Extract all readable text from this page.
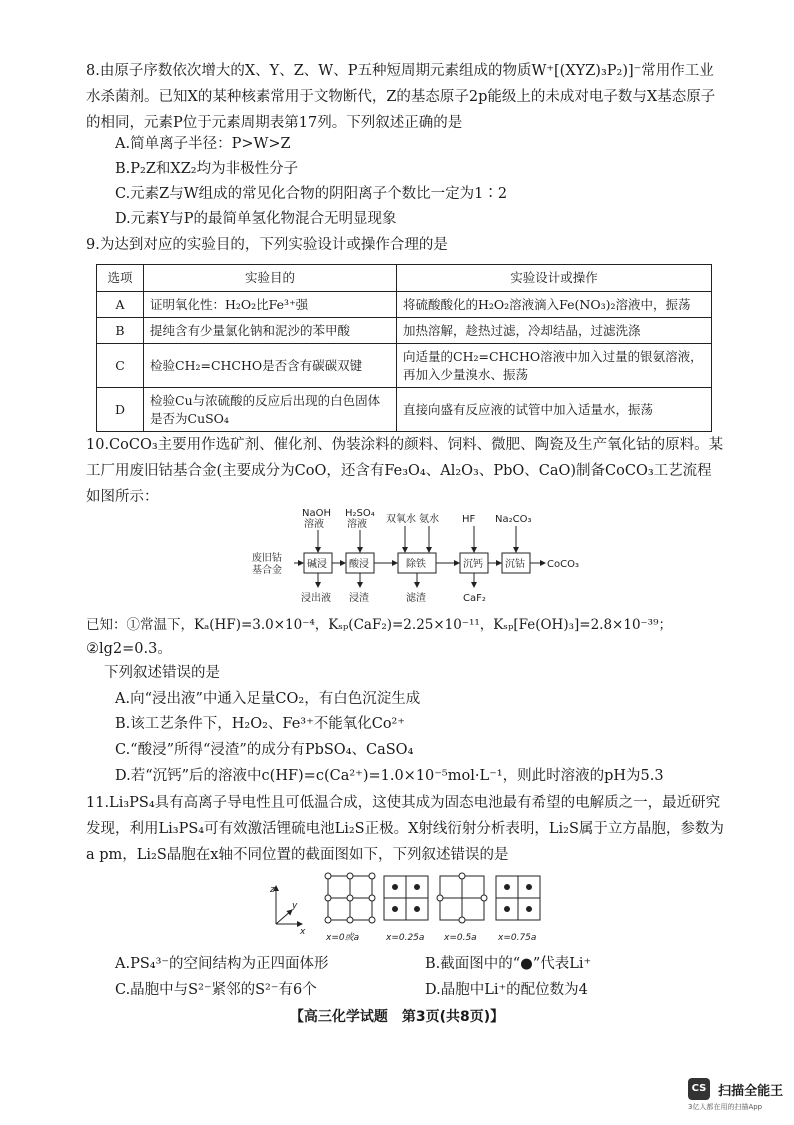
8.由原子序数依次增大的X、Y、Z、W、P五种短周期元素组成的物质W⁺[(XYZ)₃P₂)]⁻常用作工业水杀菌剂。已知X的某种核素常用于文物断代，Z的基态原子2p能级上的未成对电子数与X基态原子的相同，元素P位于元素周期表第17列。下列叙述正确的是
A.简单离子半径：P>W>Z
B.P₂Z和XZ₂均为非极性分子
C.元素Z与W组成的常见化合物的阴阳离子个数比一定为1∶2
D.元素Y与P的最简单氢化物混合无明显现象
9.为达到对应的实验目的，下列实验设计或操作合理的是
选项	实验目的	实验设计或操作
A	证明氧化性：H₂O₂比Fe³⁺强	将硫酸酸化的H₂O₂溶液滴入Fe(NO₃)₂溶液中，振荡
B	提纯含有少量氯化钠和泥沙的苯甲酸	加热溶解，趁热过滤，冷却结晶，过滤洗涤
C	检验CH₂=CHCHO是否含有碳碳双键	向适量的CH₂=CHCHO溶液中加入过量的银氨溶液，再加入少量溴水、振荡
D	检验Cu与浓硫酸的反应后出现的白色固体是否为CuSO₄	直接向盛有反应液的试管中加入适量水，振荡
10.CoCO₃主要用作选矿剂、催化剂、伪装涂料的颜料、饲料、微肥、陶瓷及生产氧化钴的原料。某工厂用废旧钴基合金(主要成分为CoO，还含有Fe₃O₄、Al₂O₃、PbO、CaO)制备CoCO₃工艺流程如图所示：
废旧钴
基合金
NaOH
溶液
H₂SO₄
溶液 双氧水 氨水 HF Na₂CO₃
碱浸 酸浸	除铁	沉钙 沉钴 CoCO₃
浸出液 浸渣	滤渣	CaF₂
已知：①常温下，Kₐ(HF)=3.0×10⁻⁴，Kₛₚ(CaF₂)=2.25×10⁻¹¹，Kₛₚ[Fe(OH)₃]=2.8×10⁻³⁹；
②lg2=0.3。
下列叙述错误的是
A.向“浸出液”中通入足量CO₂，有白色沉淀生成
B.该工艺条件下，H₂O₂、Fe³⁺不能氧化Co²⁺
C.“酸浸”所得“浸渣”的成分有PbSO₄、CaSO₄
D.若“沉钙”后的溶液中c(HF)=c(Ca²⁺)=1.0×10⁻⁵mol·L⁻¹，则此时溶液的pH为5.3
11.Li₃PS₄具有高离子导电性且可低温合成，这使其成为固态电池最有希望的电解质之一，最近研究发现，利用Li₃PS₄可有效激活锂硫电池Li₂S正极。X射线衍射分析表明，Li₂S属于立方晶胞，参数为a pm，Li₂S晶胞在x轴不同位置的截面图如下，下列叙述错误的是
z
y
x
x=0或a	x=0.25a x=0.5a x=0.75a
A.PS₄³⁻的空间结构为正四面体形	B.截面图中的“●”代表Li⁺
C.晶胞中与S²⁻紧邻的S²⁻有6个	D.晶胞中Li⁺的配位数为4
【高三化学试题　第3页(共8页)】
CS 扫描全能王
3亿人都在用的扫描App
